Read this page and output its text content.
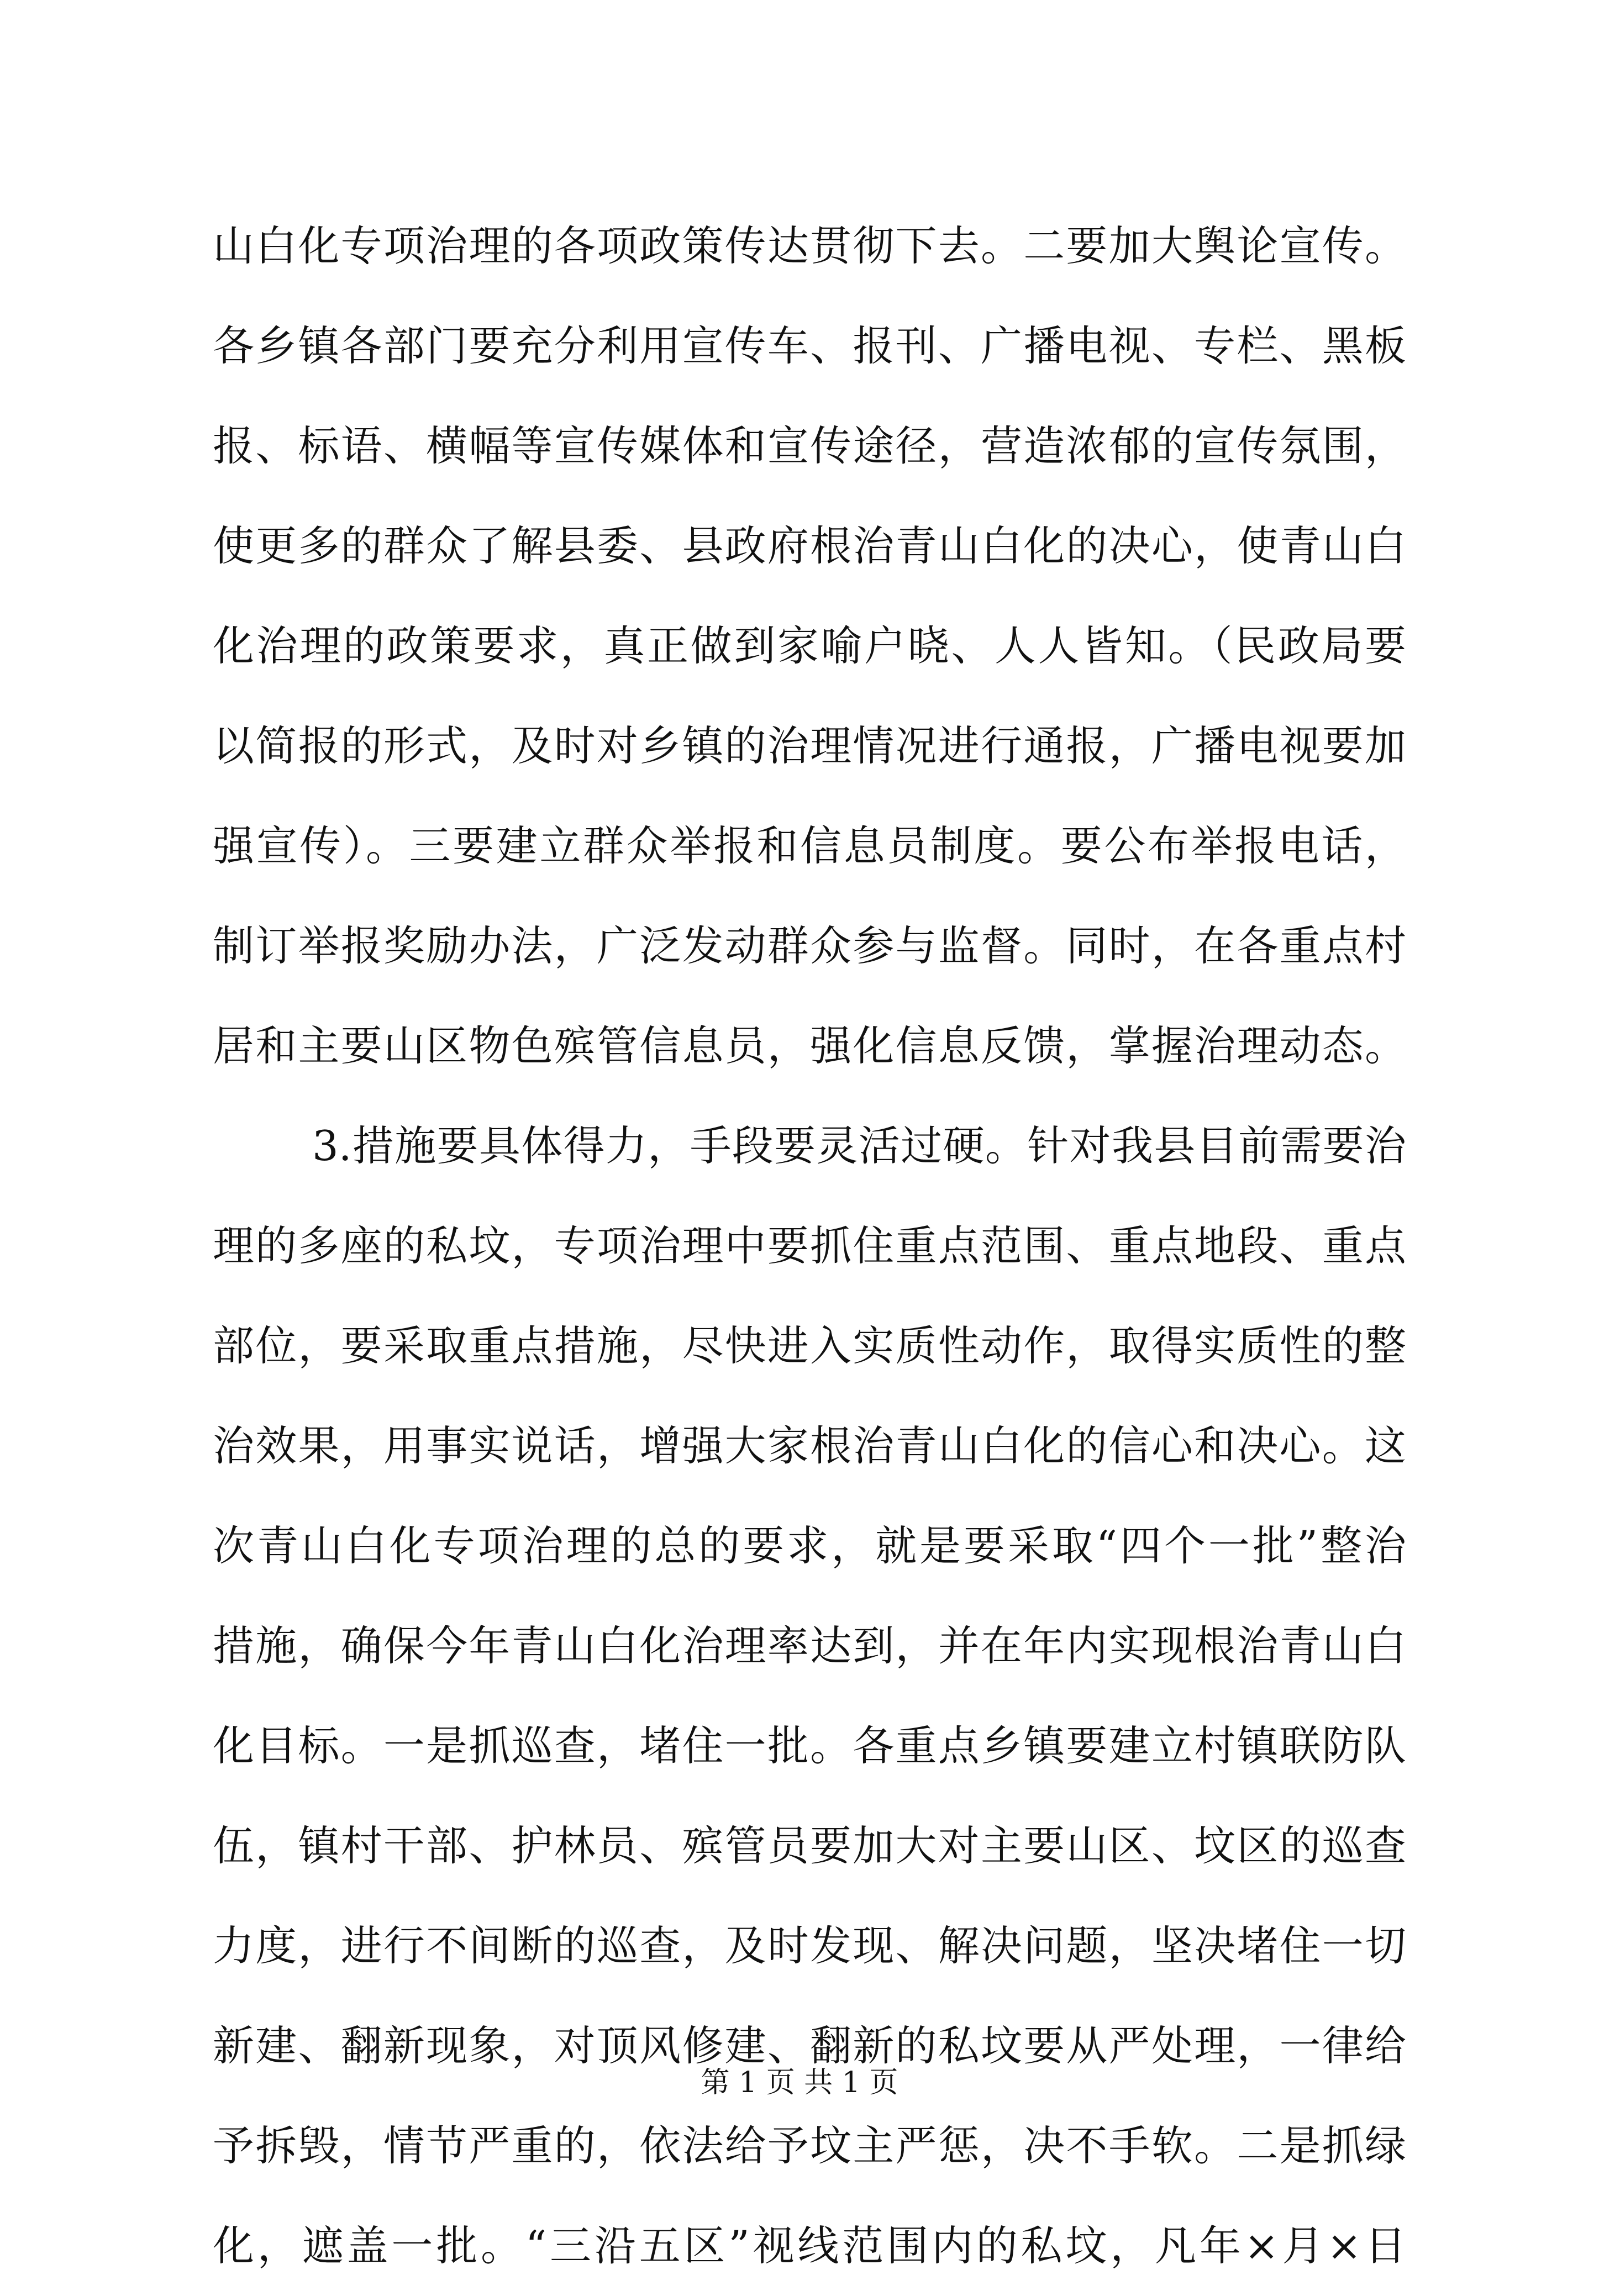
山白化专项治理的各项政策传达贯彻下去。二要加大舆论宣传。
各乡镇各部门要充分利用宣传车、报刊、广播电视、专栏、黑板
报、标语、横幅等宣传媒体和宣传途径，营造浓郁的宣传氛围，
使更多的群众了解县委、县政府根治青山白化的决心，使青山白
化治理的政策要求，真正做到家喻户晓、人人皆知。（民政局要
以简报的形式，及时对乡镇的治理情况进行通报，广播电视要加
强宣传）。三要建立群众举报和信息员制度。要公布举报电话，
制订举报奖励办法，广泛发动群众参与监督。同时，在各重点村
居和主要山区物色殡管信息员，强化信息反馈，掌握治理动态。
3.措施要具体得力，手段要灵活过硬。针对我县目前需要治
理的多座的私坟，专项治理中要抓住重点范围、重点地段、重点
部位，要采取重点措施，尽快进入实质性动作，取得实质性的整
治效果，用事实说话，增强大家根治青山白化的信心和决心。这
次青山白化专项治理的总的要求，就是要采取“四个一批”整治
措施，确保今年青山白化治理率达到，并在年内实现根治青山白
化目标。一是抓巡查，堵住一批。各重点乡镇要建立村镇联防队
伍，镇村干部、护林员、殡管员要加大对主要山区、坟区的巡查
力度，进行不间断的巡查，及时发现、解决问题，坚决堵住一切
新建、翻新现象，对顶风修建、翻新的私坟要从严处理，一律给
予拆毁，情节严重的，依法给予坟主严惩，决不手软。二是抓绿
化，遮盖一批。“三沿五区”视线范围内的私坟，凡年×月×日
第 1 页 共 1 页
